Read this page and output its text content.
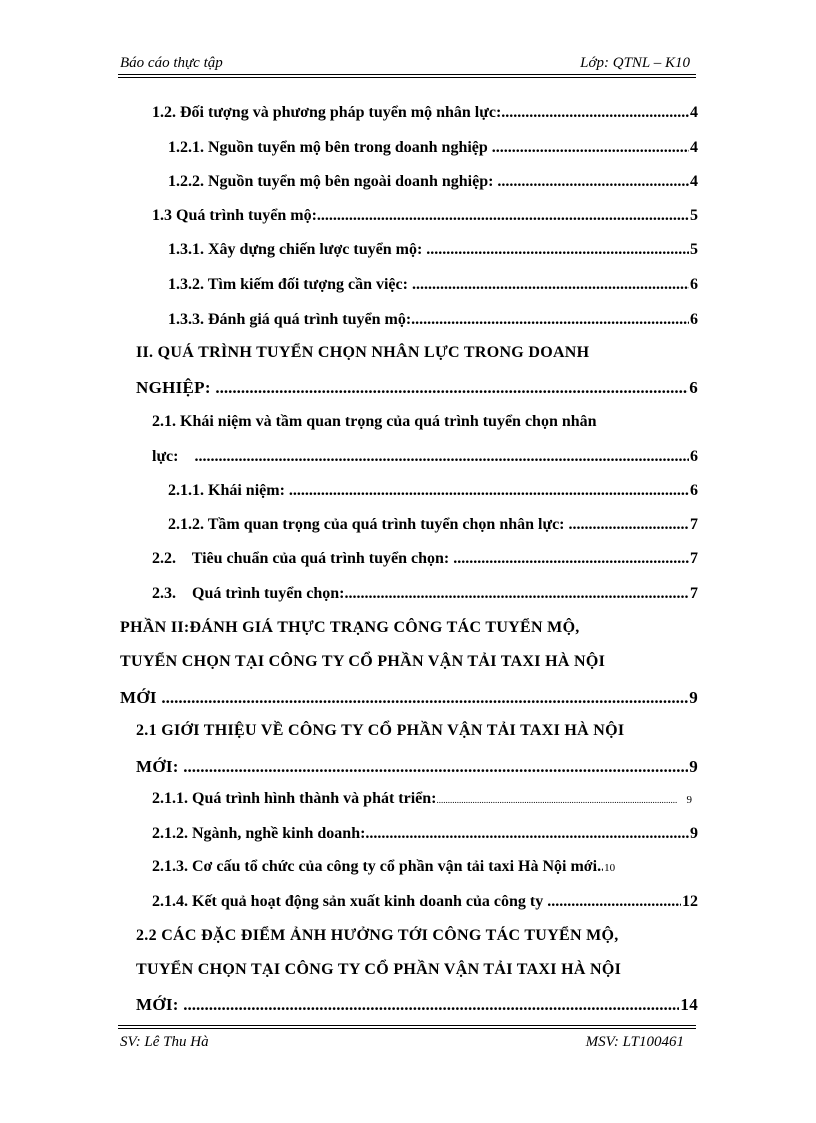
Báo cáo thực tập	Lớp: QTNL – K10
1.2. Đối tượng và phương pháp tuyển mộ nhân lực: .....	4
1.2.1. Nguồn tuyển mộ bên trong doanh nghiệp .....	4
1.2.2. Nguồn tuyển mộ bên ngoài doanh nghiệp: .....	4
1.3 Quá trình tuyển mộ: .....	5
1.3.1. Xây dựng chiến lược tuyển mộ: .....	5
1.3.2. Tìm kiếm đối tượng cần việc: .....	6
1.3.3. Đánh giá quá trình tuyển mộ: .....	6
II. QUÁ TRÌNH TUYỂN CHỌN NHÂN LỰC TRONG DOANH
NGHIỆP: .....	6
2.1. Khái niệm và tầm quan trọng của quá trình tuyển chọn nhân
lực: .....	6
2.1.1. Khái niệm: .....	6
2.1.2. Tầm quan trọng của quá trình tuyển chọn nhân lực: .....	7
2.2.    Tiêu chuẩn của quá trình tuyển chọn: .....	7
2.3.    Quá trình tuyển chọn: .....	7
PHẦN II:ĐÁNH GIÁ THỰC TRẠNG CÔNG TÁC TUYỂN MỘ,
TUYỂN CHỌN TẠI CÔNG TY CỔ PHẦN VẬN TẢI TAXI HÀ NỘI
MỚI .....	9
2.1 GIỚI THIỆU VỀ CÔNG TY CỔ PHẦN VẬN TẢI TAXI HÀ NỘI
MỚI: .....	9
2.1.1. Quá trình hình thành và phát triển: .....	9
2.1.2. Ngành, nghề kinh doanh: .....	9
2.1.3. Cơ cấu tổ chức của công ty cổ phần vận tải taxi Hà Nội mới. ..... 10
2.1.4. Kết quả hoạt động sản xuất kinh doanh của công ty .....	12
2.2 CÁC ĐẶC ĐIỂM ẢNH HƯỞNG TỚI CÔNG TÁC TUYỂN MỘ,
TUYỂN CHỌN TẠI CÔNG TY CỔ PHẦN VẬN TẢI TAXI HÀ NỘI
MỚI: .....	14
SV: Lê Thu Hà	MSV: LT100461
